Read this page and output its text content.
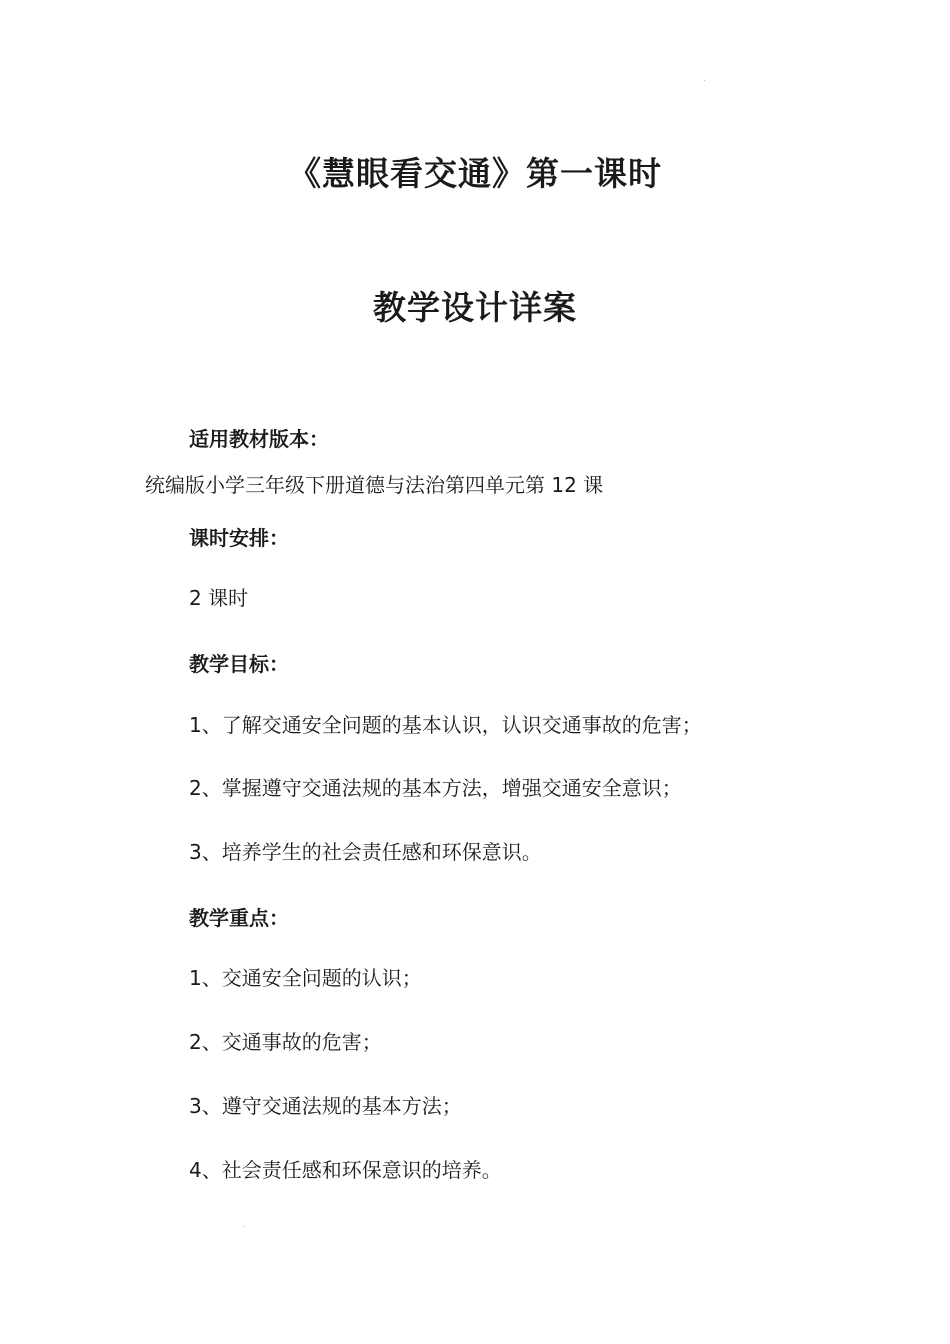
《慧眼看交通》第一课时
教学设计详案

适用教材版本：

统编版小学三年级下册道德与法治第四单元第 12 课

课时安排：

2 课时

教学目标：

1、了解交通安全问题的基本认识，认识交通事故的危害；

2、掌握遵守交通法规的基本方法，增强交通安全意识；

3、培养学生的社会责任感和环保意识。

教学重点：

1、交通安全问题的认识；

2、交通事故的危害；

3、遵守交通法规的基本方法；

4、社会责任感和环保意识的培养。
